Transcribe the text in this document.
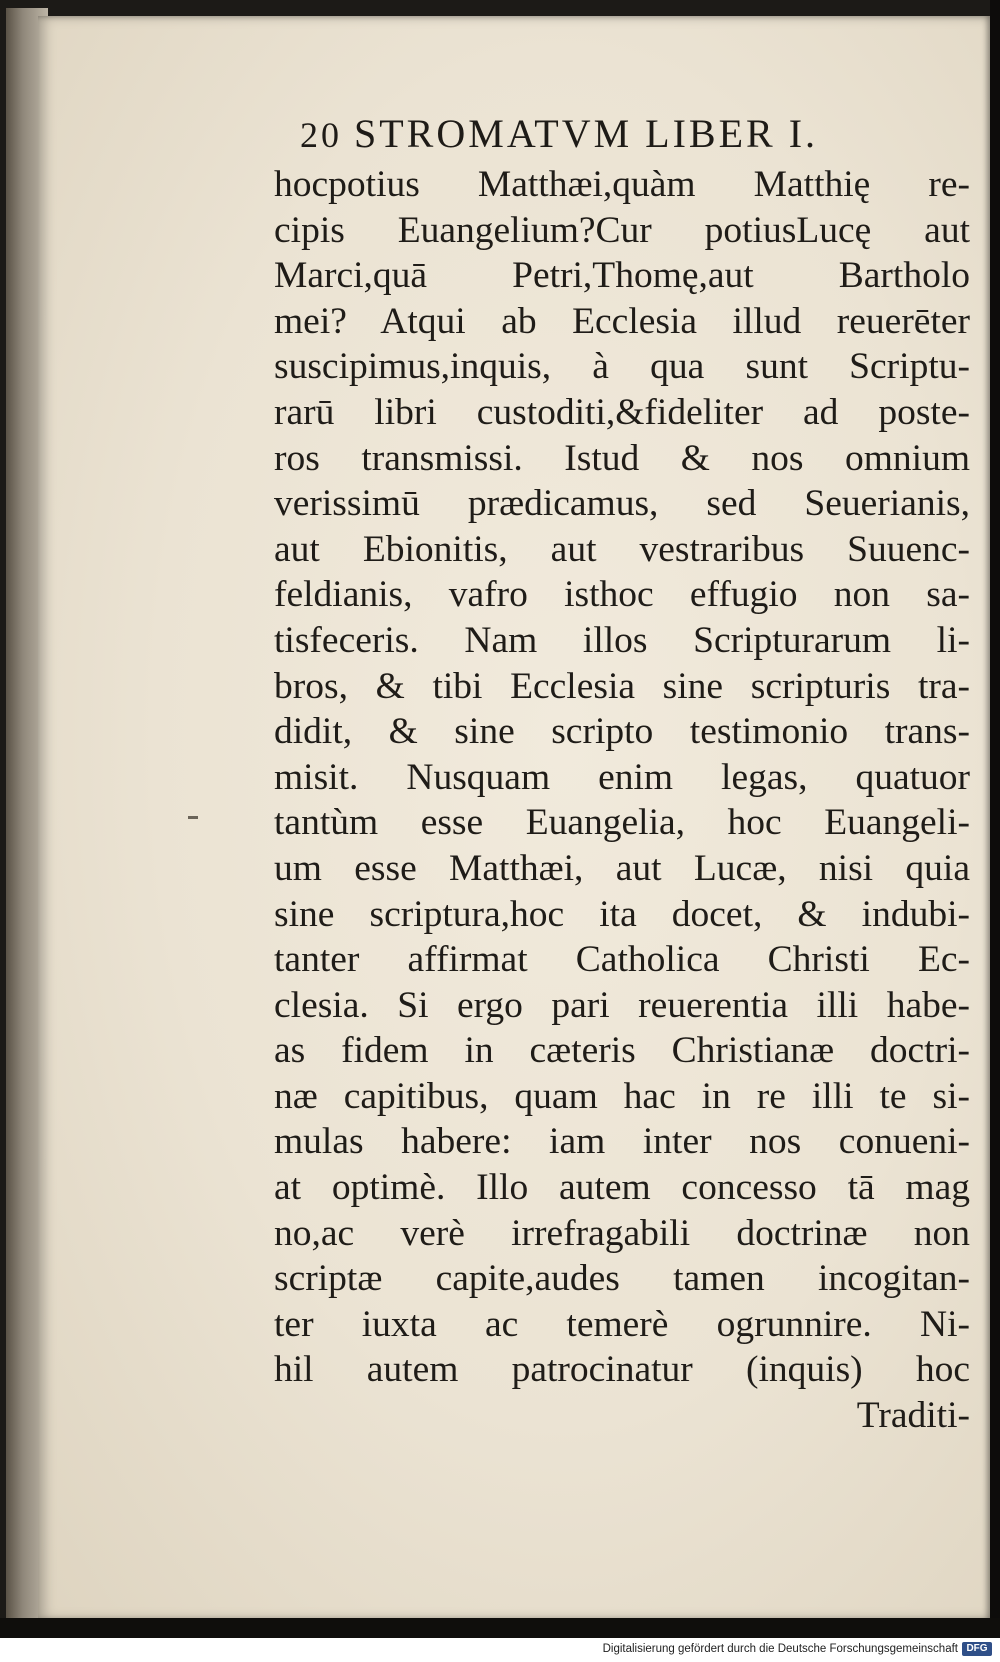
20 STROMATVM LIBER I.
hocpotius Matthæi,quàm Matthię re-
cipis Euangelium?Cur potiusLucę aut
Marci,quā Petri,Thomę,aut Bartholo
mei? Atqui ab Ecclesia illud reuerēter
suscipimus,inquis, à qua sunt Scriptu-
rarū libri custoditi,&fideliter ad poste-
ros transmissi. Istud & nos omnium
verissimū prædicamus, sed Seuerianis,
aut Ebionitis, aut vestraribus Suuenc-
feldianis, vafro isthoc effugio non sa-
tisfeceris. Nam illos Scripturarum li-
bros, & tibi Ecclesia sine scripturis tra-
didit, & sine scripto testimonio trans-
misit. Nusquam enim legas, quatuor
tantùm esse Euangelia, hoc Euangeli-
um esse Matthæi, aut Lucæ, nisi quia
sine scriptura,hoc ita docet, & indubi-
tanter affirmat Catholica Christi Ec-
clesia. Si ergo pari reuerentia illi habe-
as fidem in cæteris Christianæ doctri-
næ capitibus, quam hac in re illi te si-
mulas habere: iam inter nos conueni-
at optimè. Illo autem concesso tā mag
no,ac verè irrefragabili doctrinæ non
scriptæ capite,audes tamen incogitan-
ter iuxta ac temerè ogrunnire. Ni-
hil autem patrocinatur (inquis) hoc
Traditi-
Digitalisierung gefördert durch die Deutsche Forschungsgemeinschaft DFG
